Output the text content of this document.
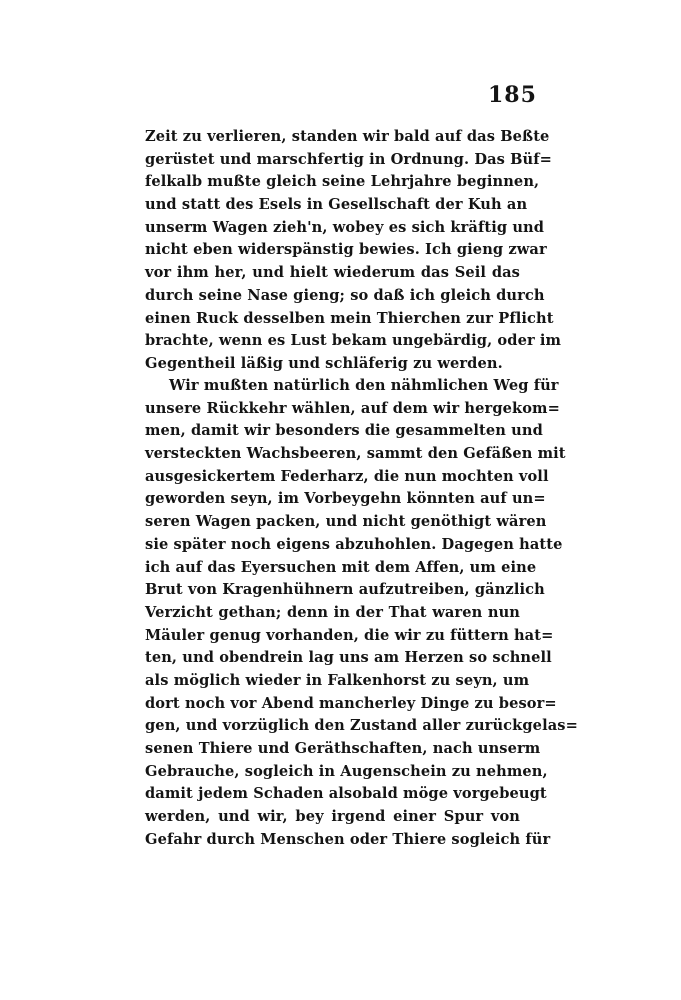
185
Zeit zu verlieren, standen wir bald auf das Beßte
gerüstet und marschfertig in Ordnung. Das Büf=
felkalb mußte gleich seine Lehrjahre beginnen,
und statt des Esels in Gesellschaft der Kuh an
unserm Wagen zieh'n, wobey es sich kräftig und
nicht eben widerspänstig bewies. Ich gieng zwar
vor ihm her, und hielt wiederum das Seil das
durch seine Nase gieng; so daß ich gleich durch
einen Ruck desselben mein Thierchen zur Pflicht
brachte, wenn es Lust bekam ungebärdig, oder im
Gegentheil läßig und schläferig zu werden.
Wir mußten natürlich den nähmlichen Weg für
unsere Rückkehr wählen, auf dem wir hergekom=
men, damit wir besonders die gesammelten und
versteckten Wachsbeeren, sammt den Gefäßen mit
ausgesickertem Federharz, die nun mochten voll
geworden seyn, im Vorbeygehn könnten auf un=
seren Wagen packen, und nicht genöthigt wären
sie später noch eigens abzuhohlen. Dagegen hatte
ich auf das Eyersuchen mit dem Affen, um eine
Brut von Kragenhühnern aufzutreiben, gänzlich
Verzicht gethan; denn in der That waren nun
Mäuler genug vorhanden, die wir zu füttern hat=
ten, und obendrein lag uns am Herzen so schnell
als möglich wieder in Falkenhorst zu seyn, um
dort noch vor Abend mancherley Dinge zu besor=
gen, und vorzüglich den Zustand aller zurückgelas=
senen Thiere und Geräthschaften, nach unserm
Gebrauche, sogleich in Augenschein zu nehmen,
damit jedem Schaden alsobald möge vorgebeugt
werden, und wir, bey irgend einer Spur von
Gefahr durch Menschen oder Thiere sogleich für
